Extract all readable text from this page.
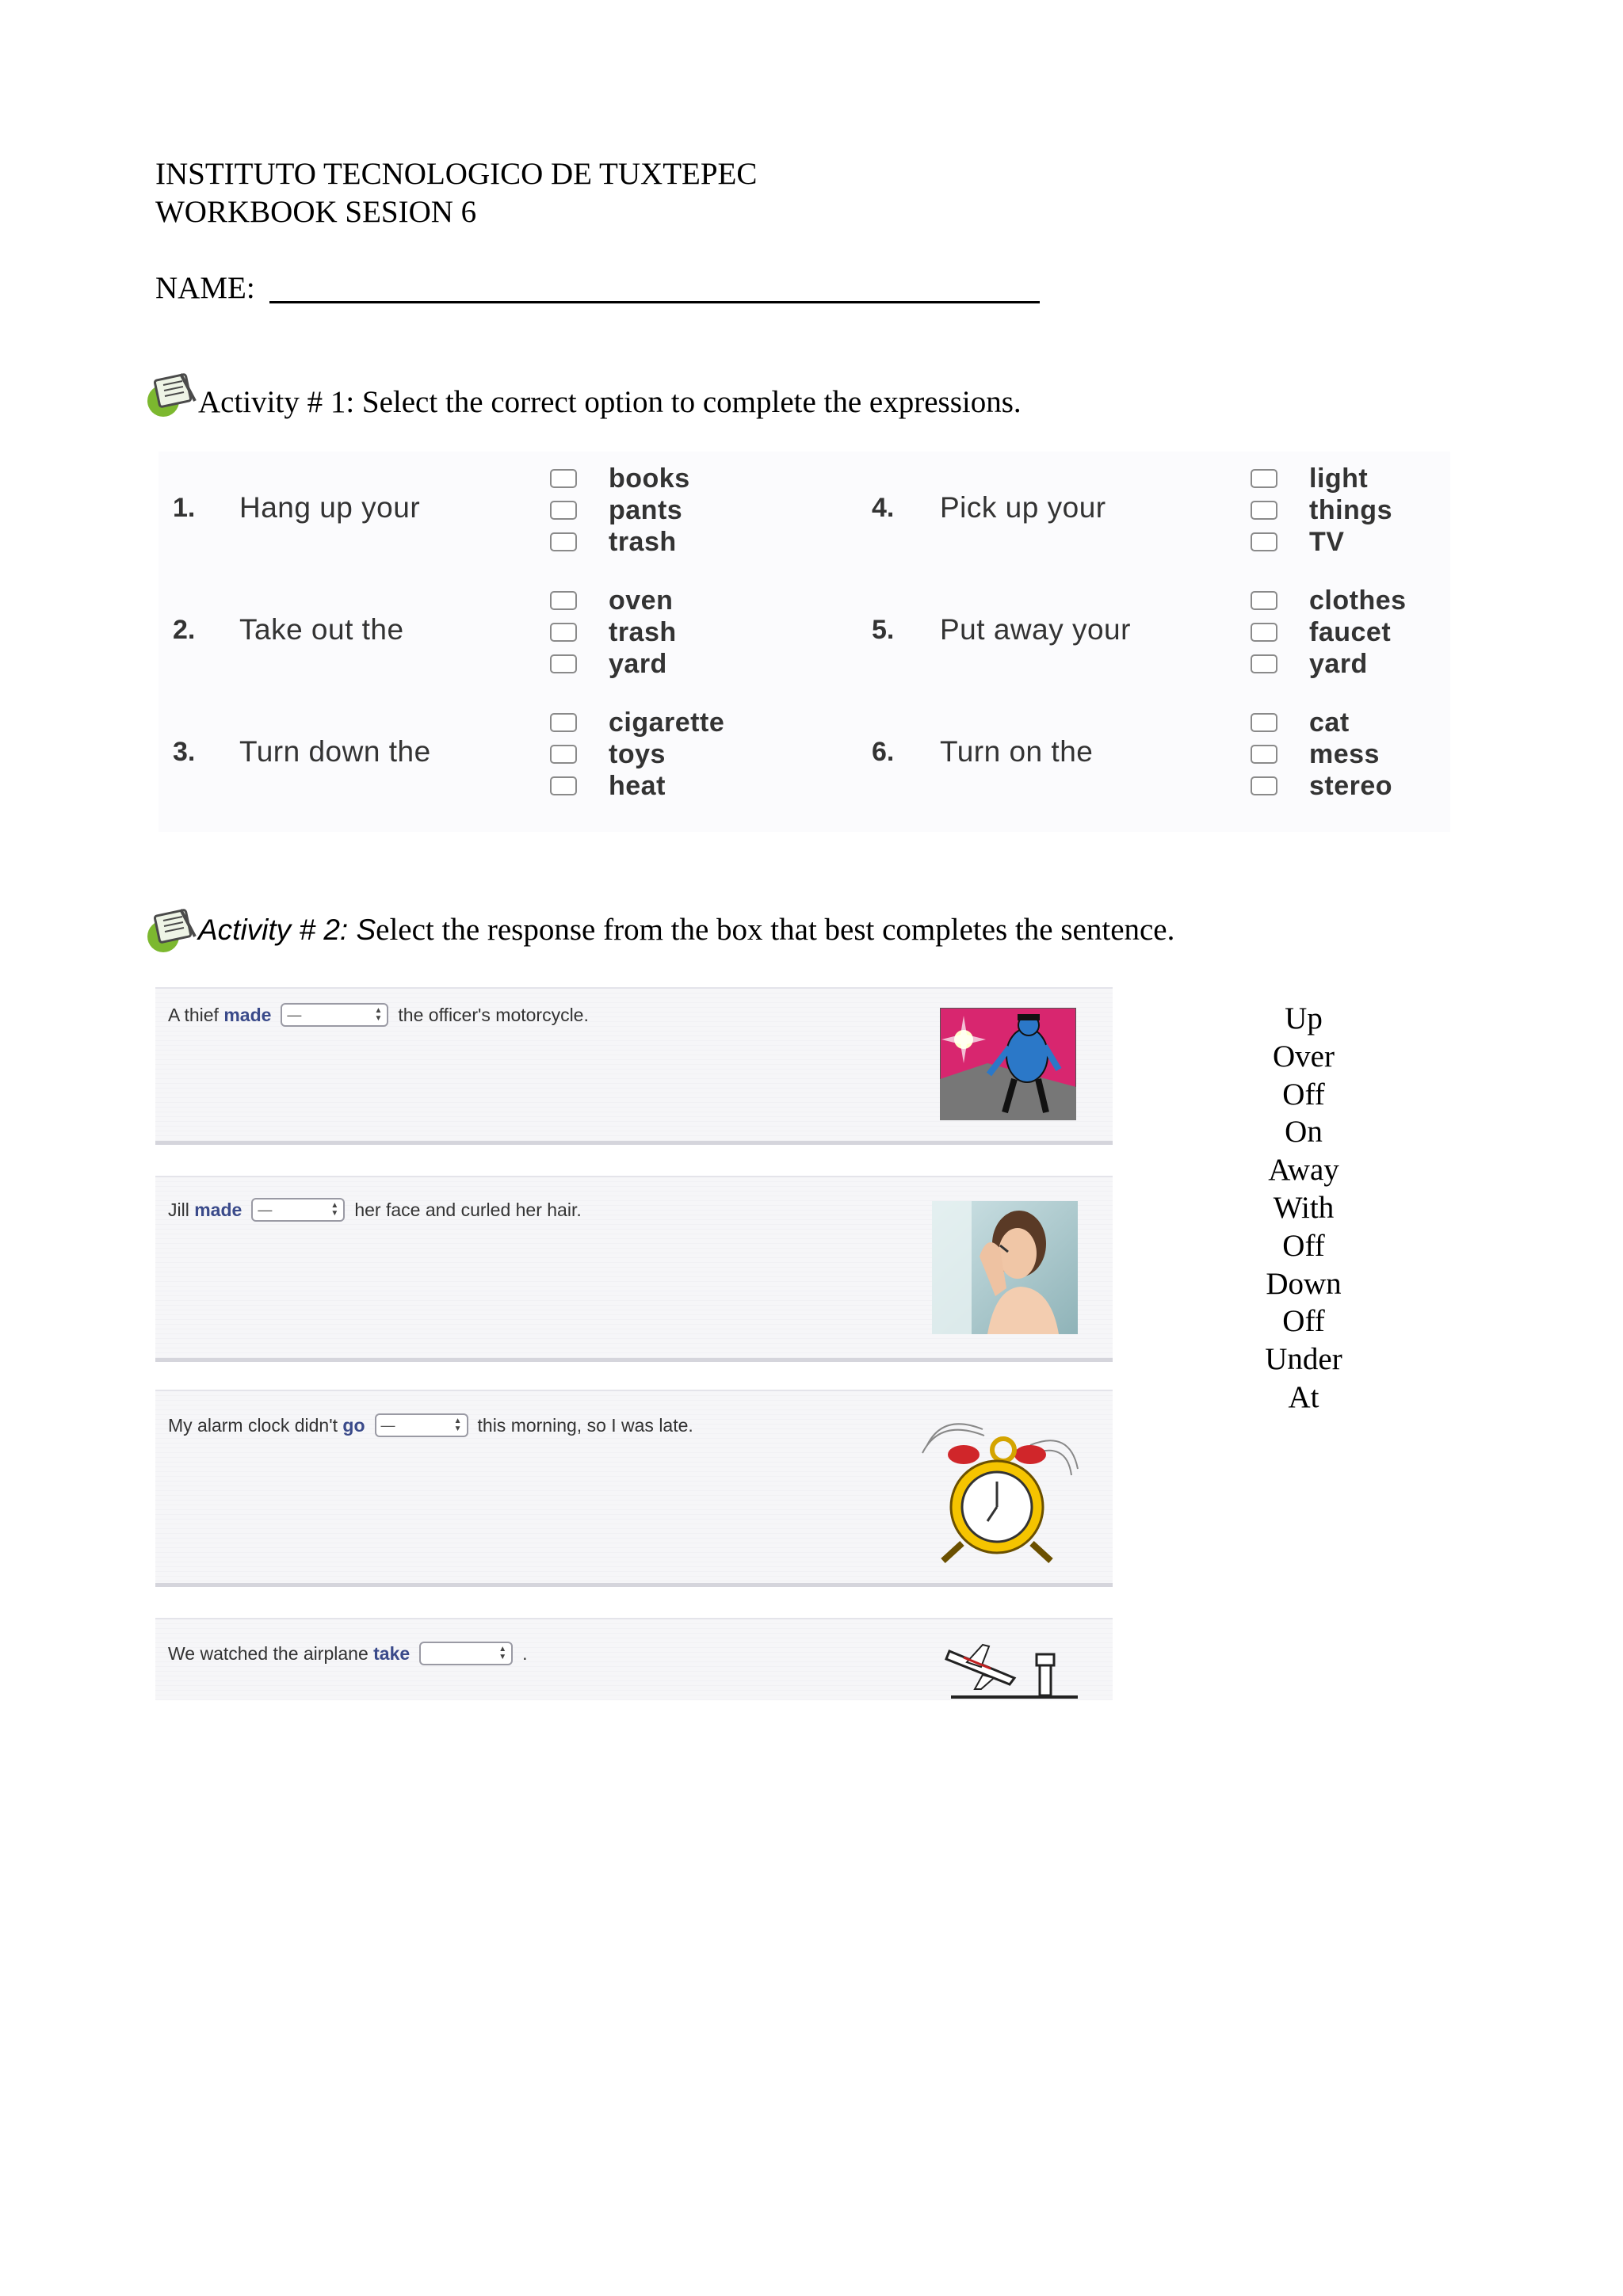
INSTITUTO TECNOLOGICO DE TUXTEPEC
WORKBOOK SESION 6
NAME:
Activity # 1: Select the correct option to complete the expressions.
1. Hang up your
books
pants
trash
2. Take out the
oven
trash
yard
3. Turn down the
cigarette
toys
heat
4. Pick up your
light
things
TV
5. Put away your
clothes
faucet
yard
6. Turn on the
cat
mess
stereo
Activity # 2: Select the response from the box that best completes the sentence.
A thief
made —	▲
▼ the officer's motorcycle.
Jill
made —	▲
▼ her face and curled her hair.
My alarm clock didn't
go —	▲
▼ this morning, so I was late.
We watched the airplane
take	▲
▼ .
Up
Over
Off
On
Away
With
Off
Down
Off
Under
At
